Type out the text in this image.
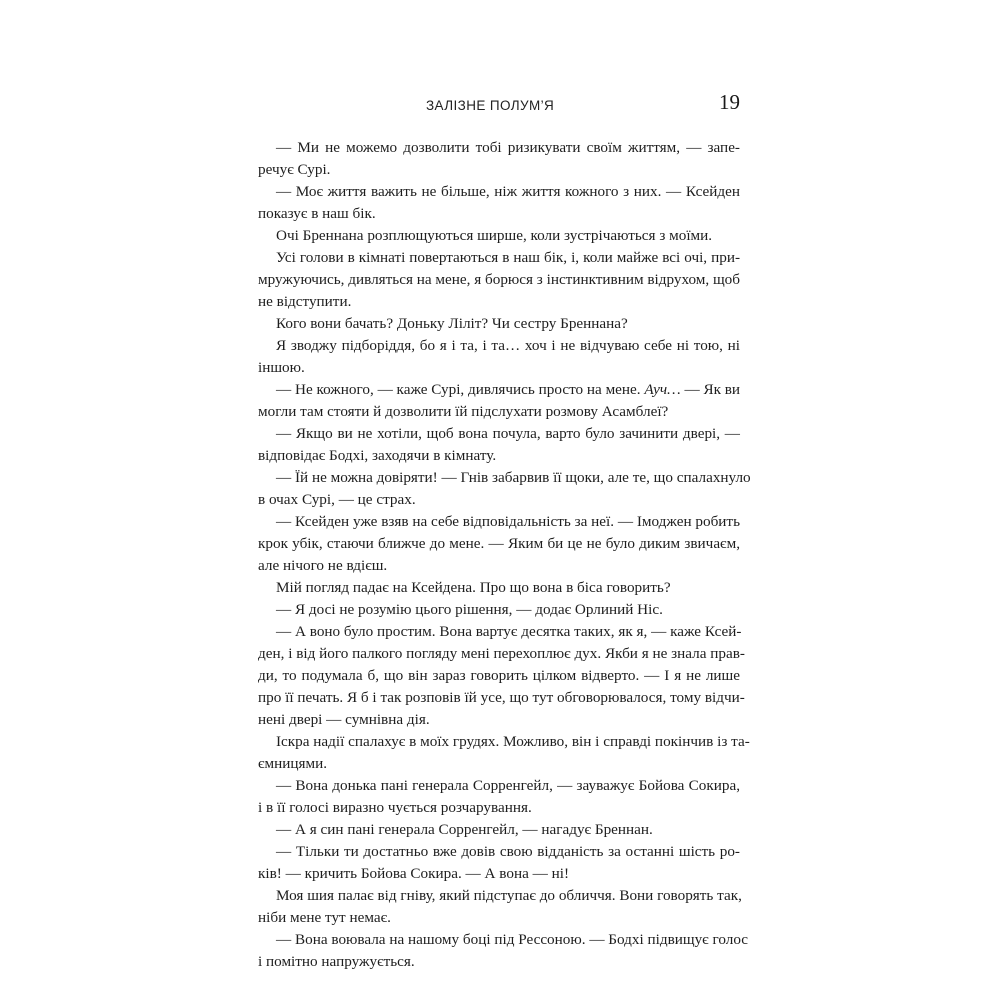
ЗАЛІЗНЕ ПОЛУМ’Я	19
— Ми не можемо дозволити тобі ризикувати своїм життям, — запе-
речує Сурі.
— Моє життя важить не більше, ніж життя кожного з них. — Ксейден
показує в наш бік.
Очі Бреннана розплющуються ширше, коли зустрічаються з моїми.
Усі голови в кімнаті повертаються в наш бік, і, коли майже всі очі, при-
мружуючись, дивляться на мене, я борюся з інстинктивним відрухом, щоб
не відступити.
Кого вони бачать? Доньку Ліліт? Чи сестру Бреннана?
Я зводжу підборіддя, бо я і та, і та… хоч і не відчуваю себе ні тою, ні
іншою.
— Не кожного, — каже Сурі, дивлячись просто на мене. Ауч… — Як ви
могли там стояти й дозволити їй підслухати розмову Асамблеї?
— Якщо ви не хотіли, щоб вона почула, варто було зачинити двері, —
відповідає Бодхі, заходячи в кімнату.
— Їй не можна довіряти! — Гнів забарвив її щоки, але те, що спалахнуло
в очах Сурі, — це страх.
— Ксейден уже взяв на себе відповідальність за неї. — Імоджен робить
крок убік, стаючи ближче до мене. — Яким би це не було диким звичаєм,
але нічого не вдієш.
Мій погляд падає на Ксейдена. Про що вона в біса говорить?
— Я досі не розумію цього рішення, — додає Орлиний Ніс.
— А воно було простим. Вона вартує десятка таких, як я, — каже Ксей-
ден, і від його палкого погляду мені перехоплює дух. Якби я не знала прав-
ди, то подумала б, що він зараз говорить цілком відверто. — І я не лише
про її печать. Я б і так розповів їй усе, що тут обговорювалося, тому відчи-
нені двері — сумнівна дія.
Іскра надії спалахує в моїх грудях. Можливо, він і справді покінчив із та-
ємницями.
— Вона донька пані генерала Сорренгейл, — зауважує Бойова Сокира,
і в її голосі виразно чується розчарування.
— А я син пані генерала Сорренгейл, — нагадує Бреннан.
— Тільки ти достатньо вже довів свою відданість за останні шість ро-
ків! — кричить Бойова Сокира. — А вона — ні!
Моя шия палає від гніву, який підступає до обличчя. Вони говорять так,
ніби мене тут немає.
— Вона воювала на нашому боці під Рессоною. — Бодхі підвищує голос
і помітно напружується.
